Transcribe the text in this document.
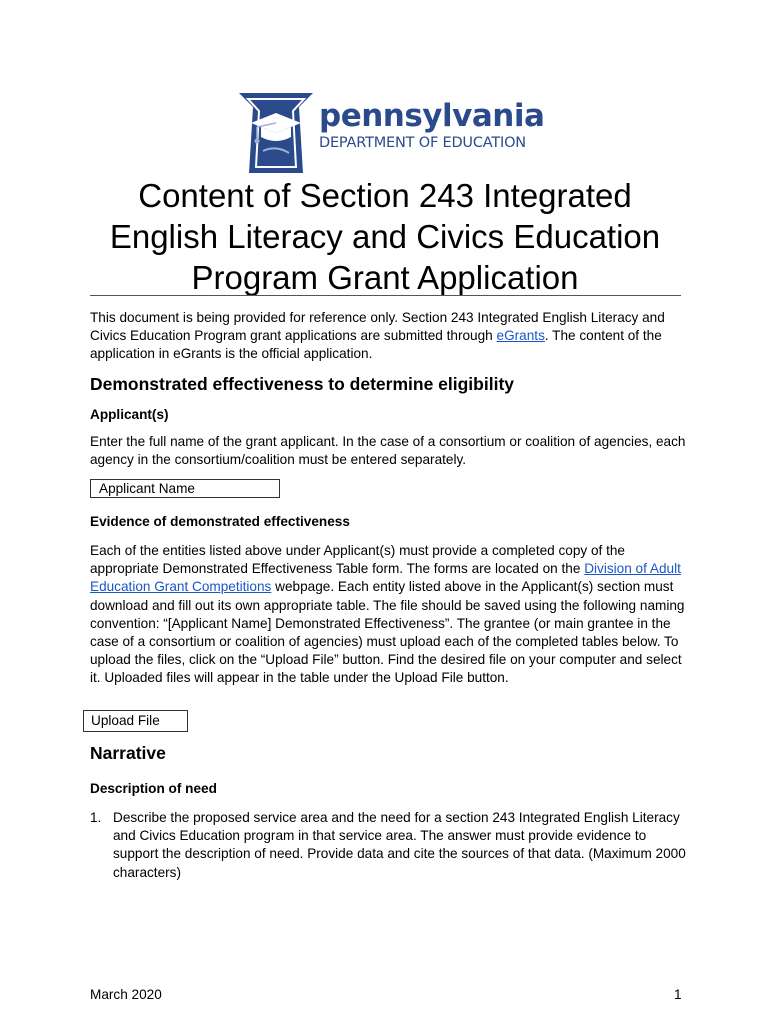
pennsylvania
DEPARTMENT OF EDUCATION
Content of Section 243 Integrated
English Literacy and Civics Education
Program Grant Application

This document is being provided for reference only. Section 243 Integrated English Literacy and Civics Education Program grant applications are submitted through eGrants. The content of the application in eGrants is the official application.

Demonstrated effectiveness to determine eligibility
Applicant(s)

Enter the full name of the grant applicant. In the case of a consortium or coalition of agencies, each agency in the consortium/coalition must be entered separately.

Applicant Name
Evidence of demonstrated effectiveness

Each of the entities listed above under Applicant(s) must provide a completed copy of the appropriate Demonstrated Effectiveness Table form. The forms are located on the Division of Adult Education Grant Competitions webpage. Each entity listed above in the Applicant(s) section must download and fill out its own appropriate table. The file should be saved using the following naming convention: “[Applicant Name] Demonstrated Effectiveness”. The grantee (or main grantee in the case of a consortium or coalition of agencies) must upload each of the completed tables below. To upload the files, click on the “Upload File” button. Find the desired file on your computer and select it. Uploaded files will appear in the table under the Upload File button.

Upload File
Narrative
Description of need
1. Describe the proposed service area and the need for a section 243 Integrated English Literacy and Civics Education program in that service area. The answer must provide evidence to support the description of need. Provide data and cite the sources of that data. (Maximum 2000 characters)
March 2020	1
